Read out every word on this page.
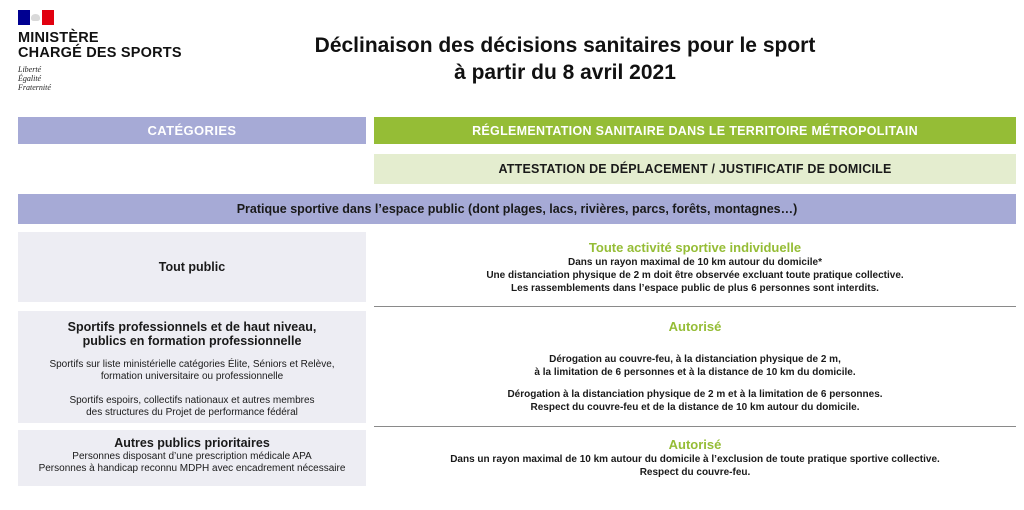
MINISTÈRE
CHARGÉ DES SPORTS
Liberté
Égalité
Fraternité
Déclinaison des décisions sanitaires pour le sport
à partir du 8 avril 2021
CATÉGORIES	RÉGLEMENTATION SANITAIRE DANS LE TERRITOIRE MÉTROPOLITAIN
ATTESTATION DE DÉPLACEMENT / JUSTIFICATIF DE DOMICILE
Pratique sportive dans l’espace public (dont plages, lacs, rivières, parcs, forêts, montagnes…)
Tout public
Toute activité sportive individuelle
Dans un rayon maximal de 10 km autour du domicile*
Une distanciation physique de 2 m doit être observée excluant toute pratique collective.
Les rassemblements dans l’espace public de plus 6 personnes sont interdits.
Sportifs professionnels et de haut niveau,
publics en formation professionnelle
Sportifs sur liste ministérielle catégories Élite, Séniors et Relève,
formation universitaire ou professionnelle
Sportifs espoirs, collectifs nationaux et autres membres
des structures du Projet de performance fédéral
Autorisé
Dérogation au couvre-feu, à la distanciation physique de 2 m,
à la limitation de 6 personnes et à la distance de 10 km du domicile.
Dérogation à la distanciation physique de 2 m et à la limitation de 6 personnes.
Respect du couvre-feu et de la distance de 10 km autour du domicile.
Autres publics prioritaires
Personnes disposant d’une prescription médicale APA
Personnes à handicap reconnu MDPH avec encadrement nécessaire
Autorisé
Dans un rayon maximal de 10 km autour du domicile à l’exclusion de toute pratique sportive collective.
Respect du couvre-feu.
